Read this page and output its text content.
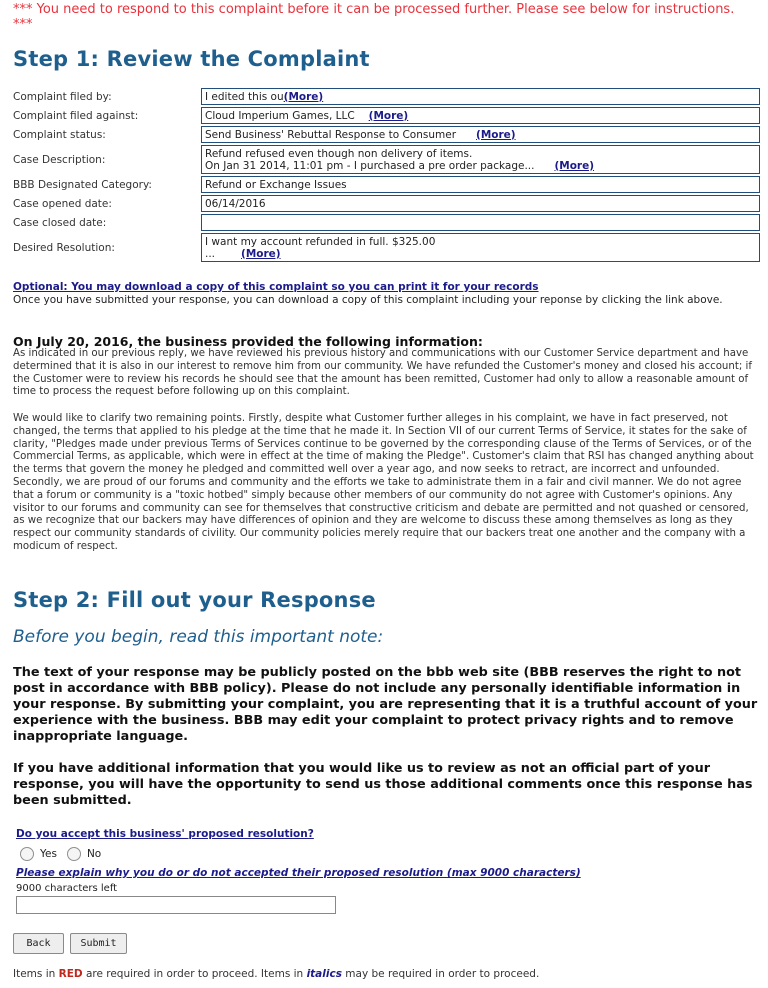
*** You need to respond to this complaint before it can be processed further. Please see below for instructions. ***
Step 1: Review the Complaint
Complaint filed by:	I edited this ou(More)
Complaint filed against:	Cloud Imperium Games, LLC (More)
Complaint status:	Send Business' Rebuttal Response to Consumer (More)
Case Description:	Refund refused even though non delivery of items.
On Jan 31 2014, 11:01 pm - I purchased a pre order package... (More)
BBB Designated Category:	Refund or Exchange Issues
Case opened date:	06/14/2016
Case closed date:	
Desired Resolution:	I want my account refunded in full. $325.00
... (More)
Optional: You may download a copy of this complaint so you can print it for your records
Once you have submitted your response, you can download a copy of this complaint including your reponse by clicking the link above.
On July 20, 2016, the business provided the following information:

As indicated in our previous reply, we have reviewed his previous history and communications with our Customer Service department and have determined that it is also in our interest to remove him from our community. We have refunded the Customer's money and closed his account; if the Customer were to review his records he should see that the amount has been remitted, Customer had only to allow a reasonable amount of time to process the request before following up on this complaint.

We would like to clarify two remaining points. Firstly, despite what Customer further alleges in his complaint, we have in fact preserved, not changed, the terms that applied to his pledge at the time that he made it. In Section VII of our current Terms of Service, it states for the sake of clarity, "Pledges made under previous Terms of Services continue to be governed by the corresponding clause of the Terms of Services, or of the Commercial Terms, as applicable, which were in effect at the time of making the Pledge". Customer's claim that RSI has changed anything about the terms that govern the money he pledged and committed well over a year ago, and now seeks to retract, are incorrect and unfounded. Secondly, we are proud of our forums and community and the efforts we take to administrate them in a fair and civil manner. We do not agree that a forum or community is a "toxic hotbed" simply because other members of our community do not agree with Customer's opinions. Any visitor to our forums and community can see for themselves that constructive criticism and debate are permitted and not quashed or censored, as we recognize that our backers may have differences of opinion and they are welcome to discuss these among themselves as long as they respect our community standards of civility. Our community policies merely require that our backers treat one another and the company with a modicum of respect.

Step 2: Fill out your Response
Before you begin, read this important note:

The text of your response may be publicly posted on the bbb web site (BBB reserves the right to not post in accordance with BBB policy). Please do not include any personally identifiable information in your response. By submitting your complaint, you are representing that it is a truthful account of your experience with the business. BBB may edit your complaint to protect privacy rights and to remove inappropriate language.

If you have additional information that you would like us to review as not an official part of your response, you will have the opportunity to send us those additional comments once this response has been submitted.

Do you accept this business' proposed resolution?
Yes	No
Please explain why you do or do not accepted their proposed resolution (max 9000 characters)
9000 characters left
Back	Submit
Items in RED are required in order to proceed. Items in italics may be required in order to proceed.
